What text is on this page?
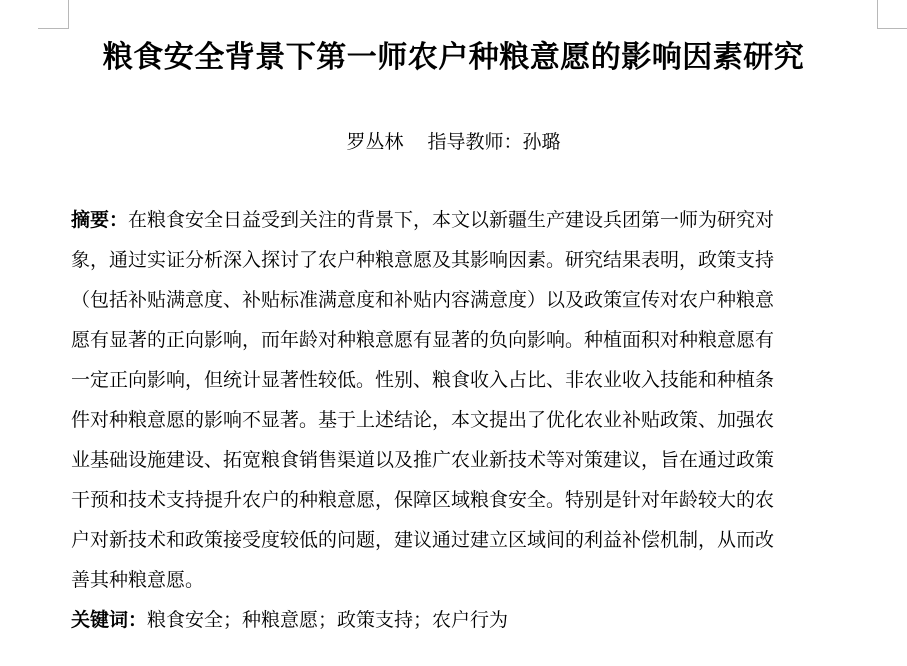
粮食安全背景下第一师农户种粮意愿的影响因素研究
罗丛林 指导教师：孙璐
摘要：在粮食安全日益受到关注的背景下，本文以新疆生产建设兵团第一师为研究对
象，通过实证分析深入探讨了农户种粮意愿及其影响因素。研究结果表明，政策支持
（包括补贴满意度、补贴标准满意度和补贴内容满意度）以及政策宣传对农户种粮意
愿有显著的正向影响，而年龄对种粮意愿有显著的负向影响。种植面积对种粮意愿有
一定正向影响，但统计显著性较低。性别、粮食收入占比、非农业收入技能和种植条
件对种粮意愿的影响不显著。基于上述结论，本文提出了优化农业补贴政策、加强农
业基础设施建设、拓宽粮食销售渠道以及推广农业新技术等对策建议，旨在通过政策
干预和技术支持提升农户的种粮意愿，保障区域粮食安全。特别是针对年龄较大的农
户对新技术和政策接受度较低的问题，建议通过建立区域间的利益补偿机制，从而改
善其种粮意愿。
关键词：粮食安全；种粮意愿；政策支持；农户行为
